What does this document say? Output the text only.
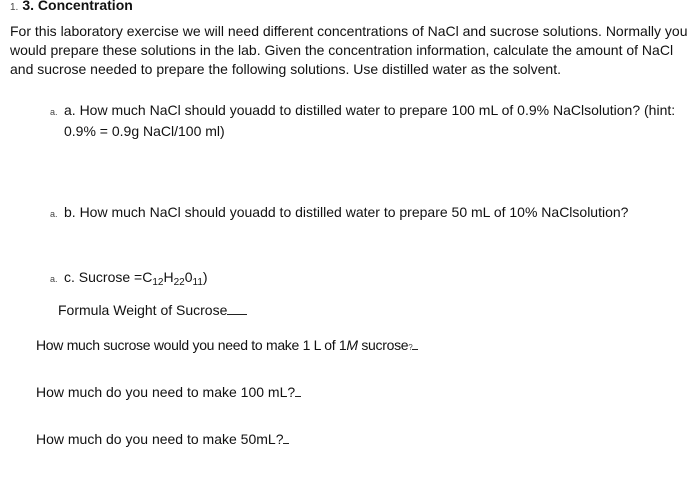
1. 3. Concentration
For this laboratory exercise we will need different concentrations of NaCl and sucrose solutions. Normally you would prepare these solutions in the lab. Given the concentration information, calculate the amount of NaCl and sucrose needed to prepare the following solutions. Use distilled water as the solvent.
a. a. How much NaCl should youadd to distilled water to prepare 100 mL of 0.9% NaClsolution? (hint:
0.9% = 0.9g NaCl/100 ml)
a. b. How much NaCl should youadd to distilled water to prepare 50 mL of 10% NaClsolution?
a. c. Sucrose $=C_{12}H_{22}0_{11}$)
Formula Weight of Sucrose
How much sucrose would you need to make 1 L of 1M sucrose?
How much do you need to make 100 mL?
How much do you need to make 50mL?
